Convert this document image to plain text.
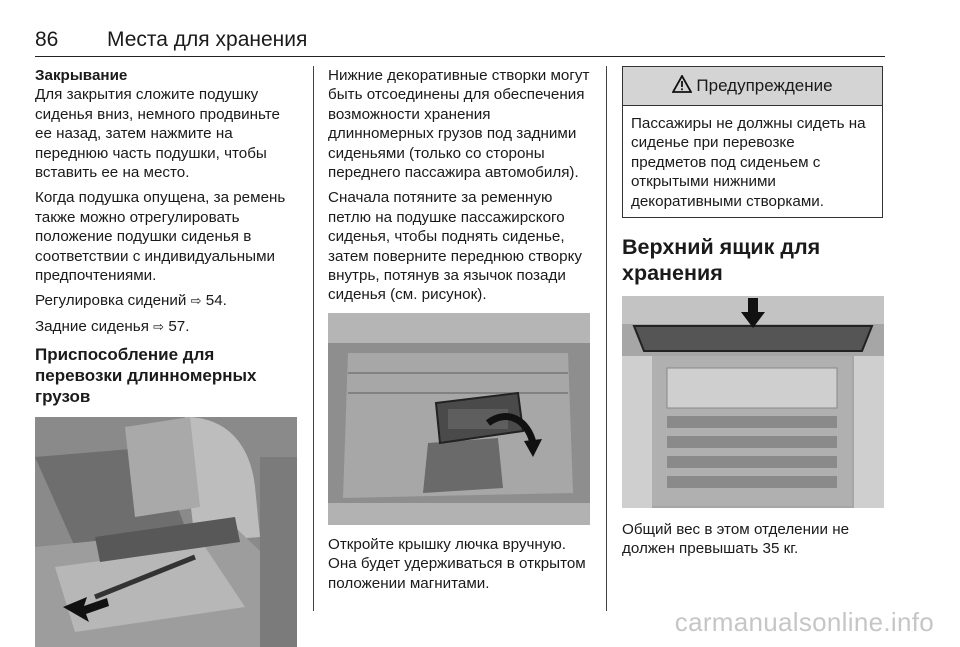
86 Места для хранения
Закрывание

Для закрытия сложите подушку сиденья вниз, немного продвиньте ее назад, затем нажмите на переднюю часть подушки, чтобы вставить ее на место.

Когда подушка опущена, за ремень также можно отрегулировать положение подушки сиденья в соответствии с индивидуальными предпочтениями.

Регулировка сидений ⇨ 54.

Задние сиденья ⇨ 57.

Приспособление для перевозки длинномерных грузов

Нижние декоративные створки могут быть отсоединены для обеспечения возможности хранения длинномерных грузов под задними сиденьями (только со стороны переднего пассажира автомобиля).

Сначала потяните за ременную петлю на подушке пассажирского сиденья, чтобы поднять сиденье, затем поверните переднюю створку внутрь, потянув за язычок позади сиденья (см. рисунок).

Откройте крышку лючка вручную. Она будет удерживаться в открытом положении магнитами.

Предупреждение
Пассажиры не должны сидеть на сиденье при перевозке предметов под сиденьем с открытыми нижними декоративными створками.
Верхний ящик для хранения

Общий вес в этом отделении не должен превышать 35 кг.

carmanualsonline.info
